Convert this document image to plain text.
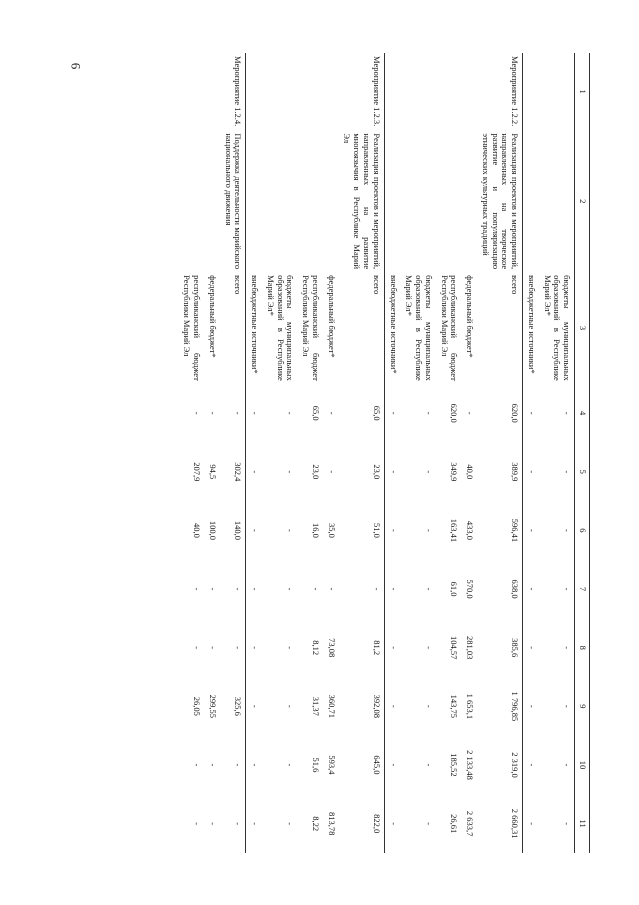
6
1	2	3	4	5	6	7	8	9	10	11
		бюджеты муниципальных образований в Республике Марий Эл*	-	-	-	-	-	-	-	-
		внебюджетные источники*	-	-	-	-	-	-	-	-
Мероприятие 1.2.2.	Реализация проектов и мероприятий, направленных на творческое развитие и популяризацию этнических культурных традиций	всего	620,0	389,9	596,41	638,0	385,6	1 796,85	2 319,0	2 660,31
		федеральный бюджет*	-	40,0	433,0	570,0	281,03	1 653,1	2 133,48	2 633,7
		республиканский бюджет Республики Марий Эл	620,0	349,9	163,41	61,0	104,57	143,75	185,52	26,61
		бюджеты муниципальных образований в Республике Марий Эл*	-	-	-	-	-	-	-	-
		внебюджетные источники*	-	-	-	-	-	-	-	-
Мероприятие 1.2.3.	Реализация проектов и мероприятий, направленных на развитие многоязычия в Республике Марий Эл	всего	65,0	23,0	51,0	-	81,2	392,08	645,0	822,0
		федеральный бюджет*	-	-	35,0	-	73,08	360,71	593,4	813,78
		республиканский бюджет Республики Марий Эл	65,0	23,0	16,0	-	8,12	31,37	51,6	8,22
		бюджеты муниципальных образований в Республике Марий Эл*	-	-	-	-	-	-	-	-
		внебюджетные источники*	-	-	-	-	-	-	-	-
Мероприятие 1.2.4.	Поддержка деятельности марийского национального движения	всего	-	302,4	140,0	-	-	325,6	-	-
		федеральный бюджет*	-	94,5	100,0	-	-	299,55	-	-
		республиканский бюджет Республики Марий Эл	-	207,9	40,0	-	-	26,05	-	-
